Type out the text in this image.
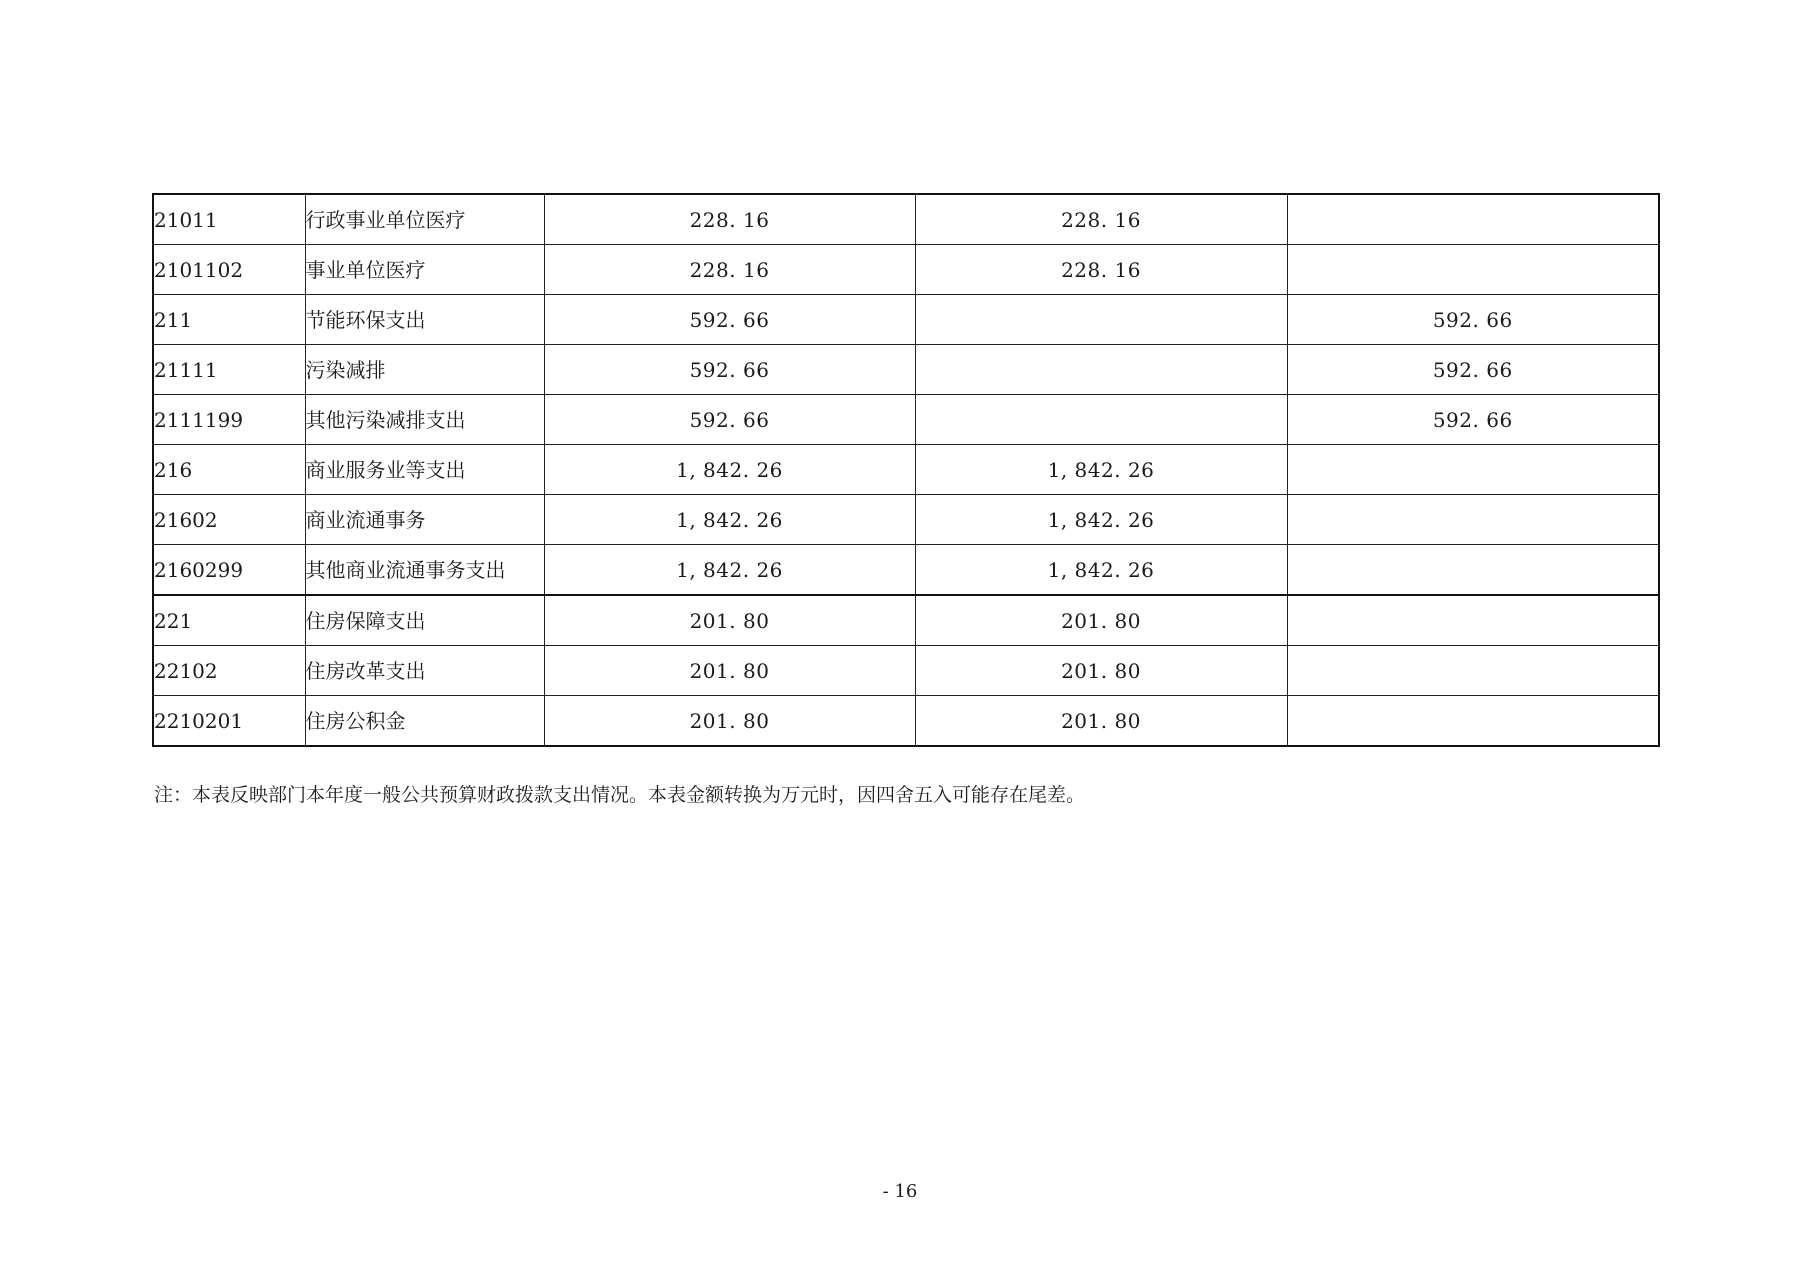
21011	行政事业单位医疗	228. 16	228. 16	
2101102	事业单位医疗	228. 16	228. 16	
211	节能环保支出	592. 66		592. 66
21111	污染减排	592. 66		592. 66
2111199	其他污染减排支出	592. 66		592. 66
216	商业服务业等支出	1, 842. 26	1, 842. 26	
21602	商业流通事务	1, 842. 26	1, 842. 26	
2160299	其他商业流通事务支出	1, 842. 26	1, 842. 26	
221	住房保障支出	201. 80	201. 80	
22102	住房改革支出	201. 80	201. 80	
2210201	住房公积金	201. 80	201. 80	
注：本表反映部门本年度一般公共预算财政拨款支出情况。本表金额转换为万元时，因四舍五入可能存在尾差。
- 16
